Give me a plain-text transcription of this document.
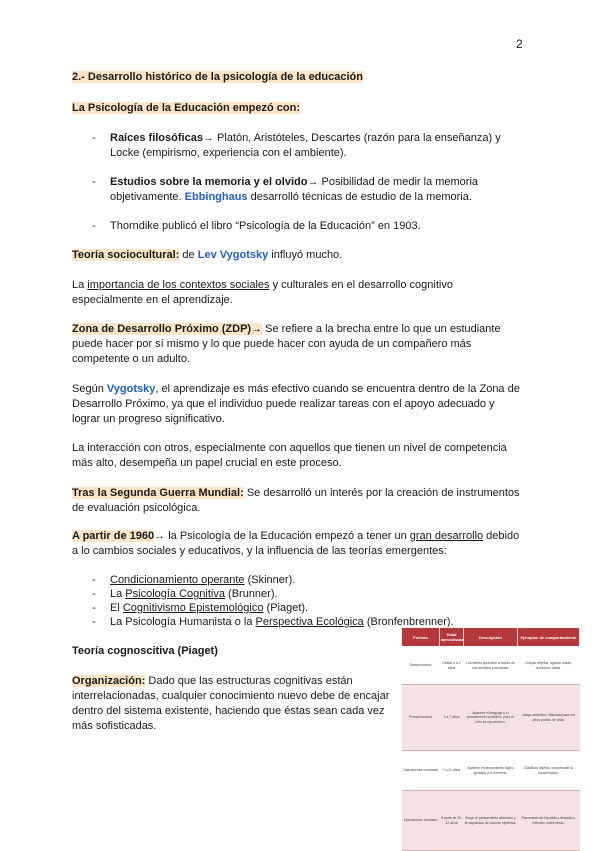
2
2.- Desarrollo histórico de la psicología de la educación
La Psicología de la Educación empezó con:
- Raíces filosóficas→ Platón, Aristóteles, Descartes (razón para la enseñanza) y
Locke (empirismo, experiencia con el ambiente).
- Estudios sobre la memoria y el olvido→ Posibilidad de medir la memoria
objetivamente. Ebbinghaus desarrolló técnicas de estudio de la memoria.
- Thorndike publicó el libro “Psicología de la Educación” en 1903.
Teoría sociocultural: de Lev Vygotsky influyó mucho.
La importancia de los contextos sociales y culturales en el desarrollo cognitivo
especialmente en el aprendizaje.
Zona de Desarrollo Próximo (ZDP)→ Se refiere a la brecha entre lo que un estudiante
puede hacer por sí mismo y lo que puede hacer con ayuda de un compañero más
competente o un adulto.
Según Vygotsky, el aprendizaje es más efectivo cuando se encuentra dentro de la Zona de
Desarrollo Próximo, ya que el individuo puede realizar tareas con el apoyo adecuado y
lograr un progreso significativo.
La interacción con otros, especialmente con aquellos que tienen un nivel de competencia
más alto, desempeña un papel crucial en este proceso.
Tras la Segunda Guerra Mundial: Se desarrolló un interés por la creación de instrumentos
de evaluación psicológica.
A partir de 1960→ la Psicología de la Educación empezó a tener un gran desarrollo debido
a lo cambios sociales y educativos, y la influencia de las teorías emergentes:
- Condicionamiento operante (Skinner).
- La Psicología Cognitiva (Brunner).
- El Cognitivismo Epistemológico (Piaget).
- La Psicología Humanista o la Perspectiva Ecológica (Bronfenbrenner).
Teoría cognoscitiva (Piaget)
Organización: Dado que las estructuras cognitivas están
interrelacionadas, cualquier conocimiento nuevo debe de encajar
dentro del sistema existente, haciendo que éstas sean cada vez
más sofisticadas.
Periodo	Edad aproximada	Descripción	Ejemplos de comportamiento
Sensoriomotor	Desde 0 a 2 años	Los bebés aprenden a través de sus sentidos y acciones.	Chupar objetos, agarrar cosas, reconocer caras.
Preoperacional	2 a 7 años	Aparece el lenguaje y el pensamiento simbólico, pero el niño es egocéntrico.	Juego simbólico, dificultad para ver otros puntos de vista.
Operaciones concretas	7 a 11 años	Aparece el pensamiento lógico aplicado a lo concreto.	Clasificar objetos, comprender la conservación.
Operaciones formales	A partir de 11-12 años	Surge el pensamiento abstracto y la capacidad de razonar hipótesis.	Razonamiento hipotético-deductivo, reflexión sobre ideas.
